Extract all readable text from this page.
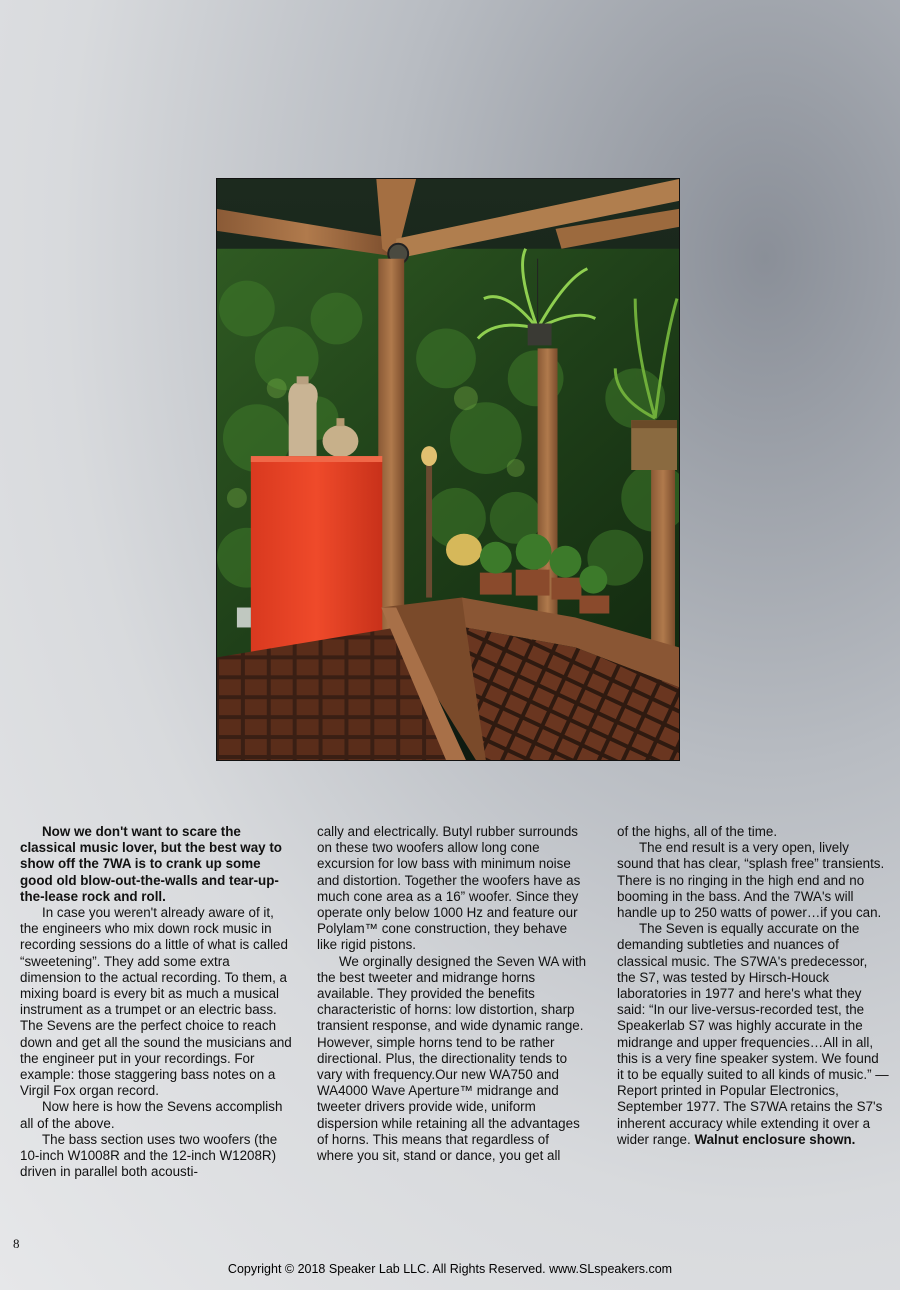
Now we don't want to scare the classical music lover, but the best way to show off the 7WA is to crank up some good old blow-out-the-walls and tear-up-the-lease rock and roll.

In case you weren't already aware of it, the engineers who mix down rock music in recording sessions do a little of what is called “sweetening”. They add some extra dimension to the actual recording. To them, a mixing board is every bit as much a musical instrument as a trumpet or an electric bass. The Sevens are the perfect choice to reach down and get all the sound the musicians and the engineer put in your recordings. For example: those staggering bass notes on a Virgil Fox organ record.

Now here is how the Sevens accomplish all of the above.

The bass section uses two woofers (the 10-inch W1008R and the 12-inch W1208R) driven in parallel both acousti-

cally and electrically. Butyl rubber surrounds on these two woofers allow long cone excursion for low bass with minimum noise and distortion. Together the woofers have as much cone area as a 16” woofer. Since they operate only below 1000 Hz and feature our Polylam™ cone construction, they behave like rigid pistons.

We orginally designed the Seven WA with the best tweeter and midrange horns available. They provided the benefits characteristic of horns: low distortion, sharp transient response, and wide dynamic range. However, simple horns tend to be rather directional. Plus, the directionality tends to vary with frequency.Our new WA750 and WA4000 Wave Aperture™ midrange and tweeter drivers provide wide, uniform dispersion while retaining all the advantages of horns. This means that regardless of where you sit, stand or dance, you get all

of the highs, all of the time.

The end result is a very open, lively sound that has clear, “splash free” transients. There is no ringing in the high end and no booming in the bass. And the 7WA's will handle up to 250 watts of power…if you can.

The Seven is equally accurate on the demanding subtleties and nuances of classical music. The S7WA's predecessor, the S7, was tested by Hirsch-Houck laboratories in 1977 and here's what they said: “In our live-versus-recorded test, the Speakerlab S7 was highly accurate in the midrange and upper frequencies…All in all, this is a very fine speaker system. We found it to be equally suited to all kinds of music.” —Report printed in Popular Electronics, September 1977. The S7WA retains the S7's inherent accuracy while extending it over a wider range. Walnut enclosure shown.

8
Copyright © 2018 Speaker Lab LLC. All Rights Reserved. www.SLspeakers.com
